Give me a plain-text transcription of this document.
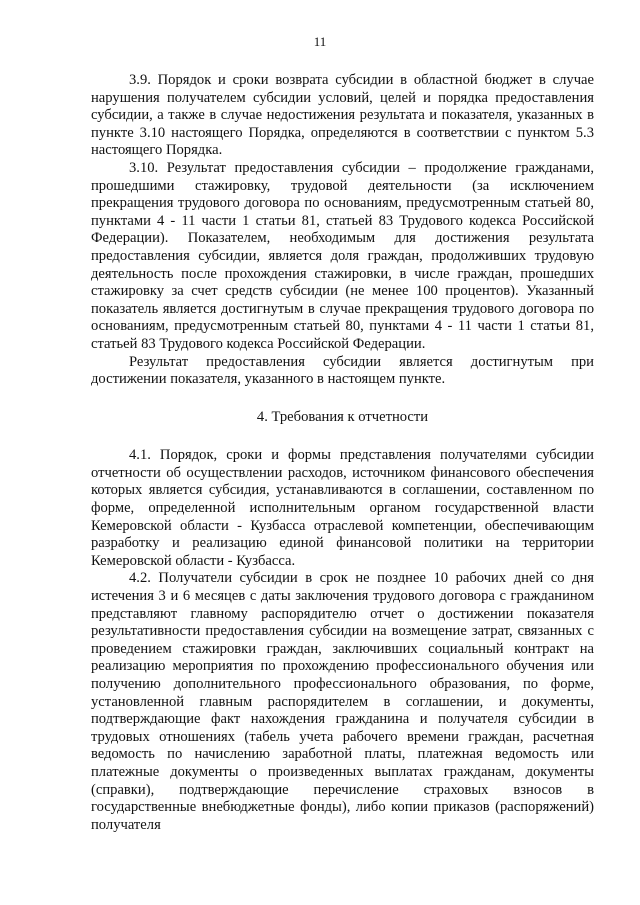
11

3.9. Порядок и сроки возврата субсидии в областной бюджет в случае нарушения получателем субсидии условий, целей и порядка предоставления субсидии, а также в случае недостижения результата и показателя, указанных в пункте 3.10 настоящего Порядка, определяются в соответствии с пунктом 5.3 настоящего Порядка.

3.10. Результат предоставления субсидии – продолжение гражданами, прошедшими стажировку, трудовой деятельности (за исключением прекращения трудового договора по основаниям, предусмотренным статьей 80, пунктами 4 - 11 части 1 статьи 81, статьей 83 Трудового кодекса Российской Федерации). Показателем, необходимым для достижения результата предоставления субсидии, является доля граждан, продолживших трудовую деятельность после прохождения стажировки, в числе граждан, прошедших стажировку за счет средств субсидии (не менее 100 процентов). Указанный показатель является достигнутым в случае прекращения трудового договора по основаниям, предусмотренным статьей 80, пунктами 4 - 11 части 1 статьи 81, статьей 83 Трудового кодекса Российской Федерации.

Результат предоставления субсидии является достигнутым при достижении показателя, указанного в настоящем пункте.

4. Требования к отчетности

4.1. Порядок, сроки и формы представления получателями субсидии отчетности об осуществлении расходов, источником финансового обеспечения которых является субсидия, устанавливаются в соглашении, составленном по форме, определенной исполнительным органом государственной власти Кемеровской области - Кузбасса отраслевой компетенции, обеспечивающим разработку и реализацию единой финансовой политики на территории Кемеровской области - Кузбасса.

4.2. Получатели субсидии в срок не позднее 10 рабочих дней со дня истечения 3 и 6 месяцев с даты заключения трудового договора с гражданином представляют главному распорядителю отчет о достижении показателя результативности предоставления субсидии на возмещение затрат, связанных с проведением стажировки граждан, заключивших социальный контракт на реализацию мероприятия по прохождению профессионального обучения или получению дополнительного профессионального образования, по форме, установленной главным распорядителем в соглашении, и документы, подтверждающие факт нахождения гражданина и получателя субсидии в трудовых отношениях (табель учета рабочего времени граждан, расчетная ведомость по начислению заработной платы, платежная ведомость или платежные документы о произведенных выплатах гражданам, документы (справки), подтверждающие перечисление страховых взносов в государственные внебюджетные фонды), либо копии приказов (распоряжений) получателя
